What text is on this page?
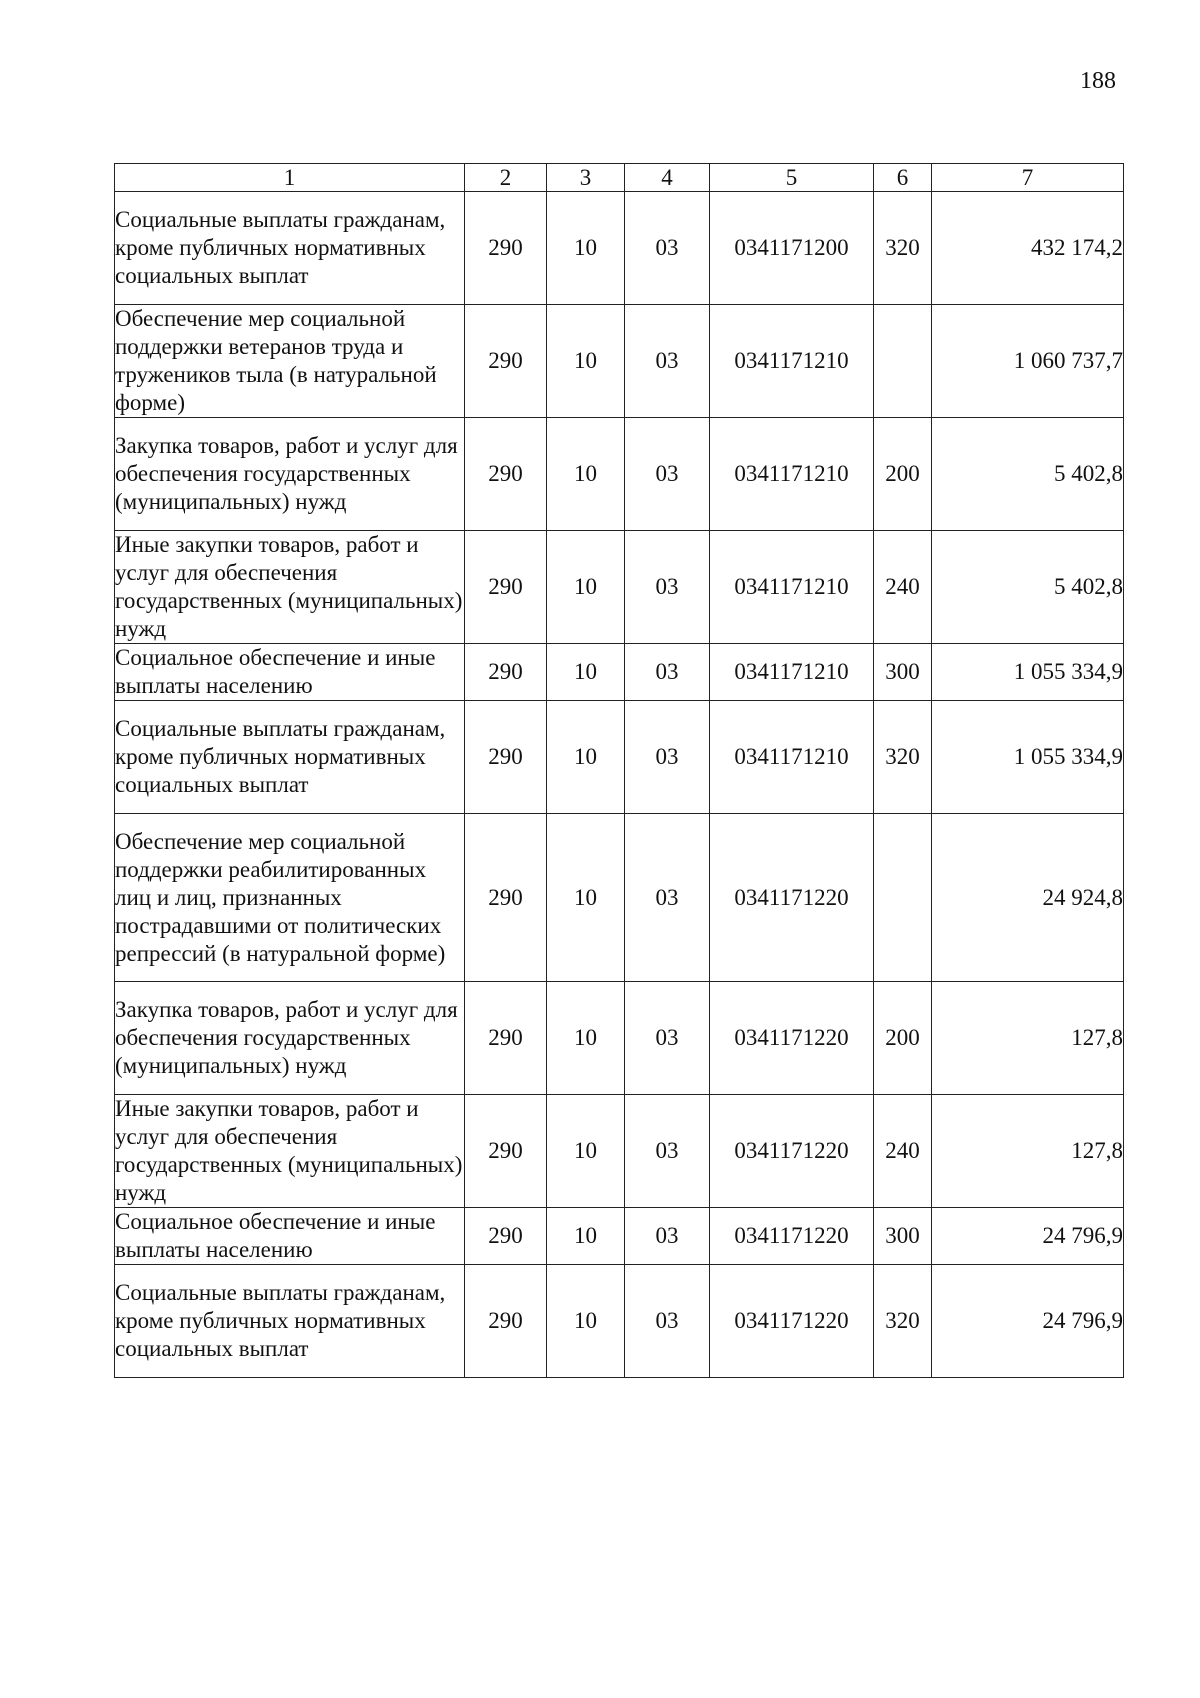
188
1	2	3	4	5	6	7
Социальные выплаты гражданам, кроме публичных нормативных социальных выплат	290	10	03	0341171200	320	432 174,2
Обеспечение мер социальной поддержки ветеранов труда и тружеников тыла (в натуральной форме)	290	10	03	0341171210		1 060 737,7
Закупка товаров, работ и услуг для обеспечения государственных (муниципальных) нужд	290	10	03	0341171210	200	5 402,8
Иные закупки товаров, работ и услуг для обеспечения государственных (муниципальных) нужд	290	10	03	0341171210	240	5 402,8
Социальное обеспечение и иные выплаты населению	290	10	03	0341171210	300	1 055 334,9
Социальные выплаты гражданам, кроме публичных нормативных социальных выплат	290	10	03	0341171210	320	1 055 334,9
Обеспечение мер социальной поддержки реабилитированных лиц и лиц, признанных пострадавшими от политических репрессий (в натуральной форме)	290	10	03	0341171220		24 924,8
Закупка товаров, работ и услуг для обеспечения государственных (муниципальных) нужд	290	10	03	0341171220	200	127,8
Иные закупки товаров, работ и услуг для обеспечения государственных (муниципальных) нужд	290	10	03	0341171220	240	127,8
Социальное обеспечение и иные выплаты населению	290	10	03	0341171220	300	24 796,9
Социальные выплаты гражданам, кроме публичных нормативных социальных выплат	290	10	03	0341171220	320	24 796,9
